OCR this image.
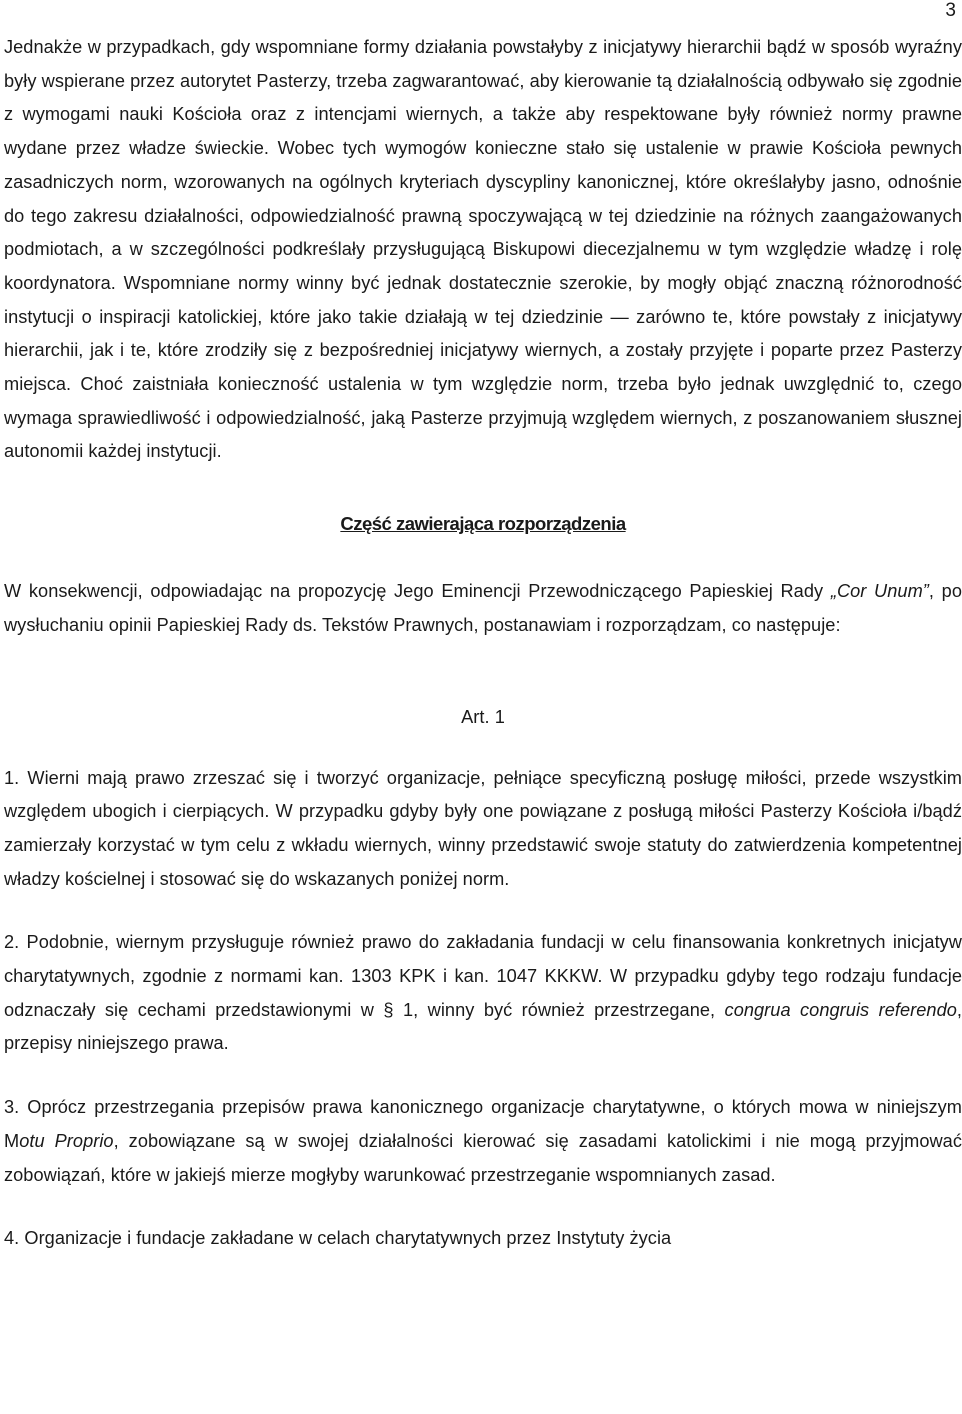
3

Jednakże w przypadkach, gdy wspomniane formy działania powstałyby z inicjatywy hierarchii bądź w sposób wyraźny były wspierane przez autorytet Pasterzy, trzeba zagwarantować, aby kierowanie tą działalnością odbywało się zgodnie z wymogami nauki Kościoła oraz z intencjami wiernych, a także aby respektowane były również normy prawne wydane przez władze świeckie. Wobec tych wymogów konieczne stało się ustalenie w prawie Kościoła pewnych zasadniczych norm, wzorowanych na ogólnych kryteriach dyscypliny kanonicznej, które określałyby jasno, odnośnie do tego zakresu działalności, odpowiedzialność prawną spoczywającą w tej dziedzinie na różnych zaangażowanych podmiotach, a w szczególności podkreślały przysługującą Biskupowi diecezjalnemu w tym względzie władzę i rolę koordynatora. Wspomniane normy winny być jednak dostatecznie szerokie, by mogły objąć znaczną różnorodność instytucji o inspiracji katolickiej, które jako takie działają w tej dziedzinie — zarówno te, które powstały z inicjatywy hierarchii, jak i te, które zrodziły się z bezpośredniej inicjatywy wiernych, a zostały przyjęte i poparte przez Pasterzy miejsca. Choć zaistniała konieczność ustalenia w tym względzie norm, trzeba było jednak uwzględnić to, czego wymaga sprawiedliwość i odpowiedzialność, jaką Pasterze przyjmują względem wiernych, z poszanowaniem słusznej autonomii każdej instytucji.

Część zawierająca rozporządzenia

W konsekwencji, odpowiadając na propozycję Jego Eminencji Przewodniczącego Papieskiej Rady „Cor Unum”, po wysłuchaniu opinii Papieskiej Rady ds. Tekstów Prawnych, postanawiam i rozporządzam, co następuje:

Art. 1

1. Wierni mają prawo zrzeszać się i tworzyć organizacje, pełniące specyficzną posługę miłości, przede wszystkim względem ubogich i cierpiących. W przypadku gdyby były one powiązane z posługą miłości Pasterzy Kościoła i/bądź zamierzały korzystać w tym celu z wkładu wiernych, winny przedstawić swoje statuty do zatwierdzenia kompetentnej władzy kościelnej i stosować się do wskazanych poniżej norm.

2. Podobnie, wiernym przysługuje również prawo do zakładania fundacji w celu finansowania konkretnych inicjatyw charytatywnych, zgodnie z normami kan. 1303 KPK i kan. 1047 KKKW. W przypadku gdyby tego rodzaju fundacje odznaczały się cechami przedstawionymi w § 1, winny być również przestrzegane, congrua congruis referendo, przepisy niniejszego prawa.

3. Oprócz przestrzegania przepisów prawa kanonicznego organizacje charytatywne, o których mowa w niniejszym Motu Proprio, zobowiązane są w swojej działalności kierować się zasadami katolickimi i nie mogą przyjmować zobowiązań, które w jakiejś mierze mogłyby warunkować przestrzeganie wspomnianych zasad.

4. Organizacje i fundacje zakładane w celach charytatywnych przez Instytuty życia
